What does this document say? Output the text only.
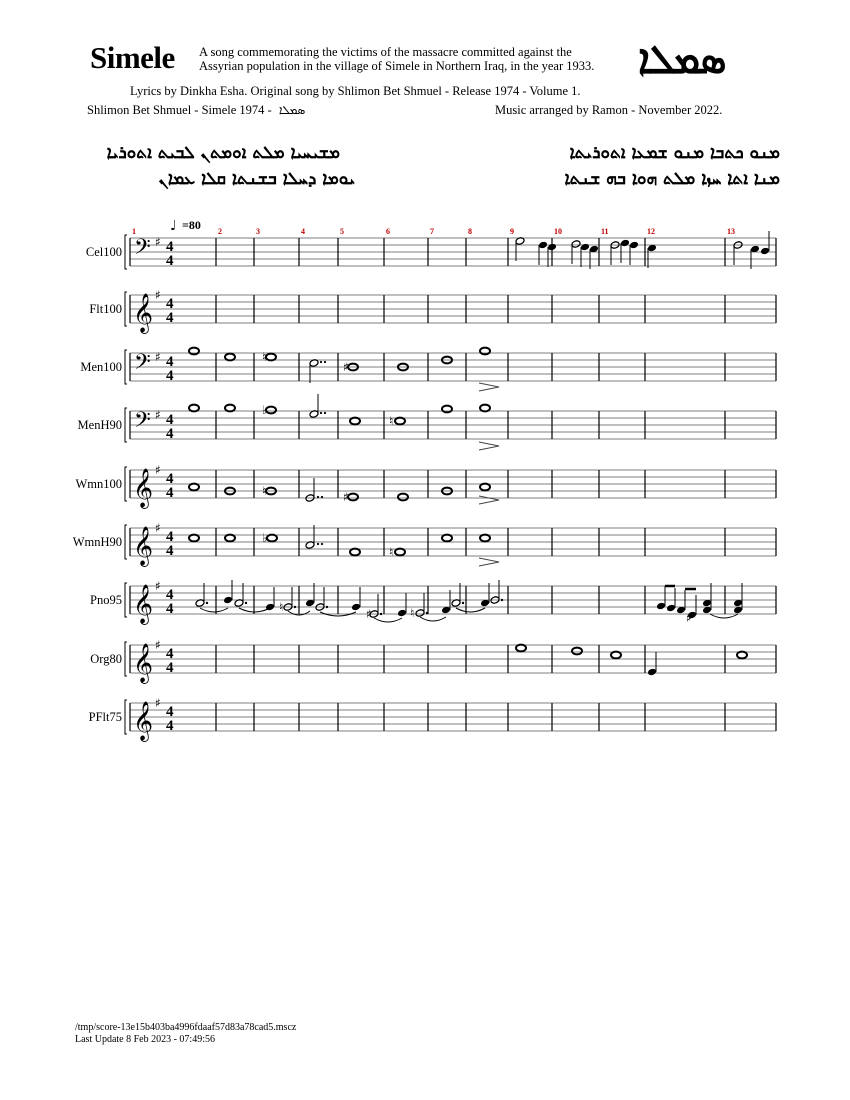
Simele A song commemorating the victims of the massacre committed against the
Assyrian population in the village of Simele in Northern Iraq, in the year 1933.	ܣܡܠܐ
Lyrics by Dinkha Esha. Original song by Shlimon Bet Shmuel - Release 1974 - Volume 1.
Shlimon Bet Shmuel - Simele 1974 - ܣܡܠܐ	Music arranged by Ramon - November 2022.
ܡܫܝܚܝܐ ܡܠܬ ܐܘܡܬܢ ܠܒܝܬ ܐܬܘܪܝܐ
ܝܘܡܐ ܕܚܠܐ ܒܫܢܬܐ ܩܠܐ ܥܡܐܢ
ܡܢܘ ܟܬܒܐ ܡܢܘ ܫܡܥܐ ܐܬܘܪܝܬܐ
ܡܢܐ ܐܬܐ ܚܙܐ ܡܠܬ ܗܘܐ ܒܗ ܫܢܬܐ
♩ =80
1	2	3	4	5	6	7	8	9	10	11	12	13
Cel100 𝄢 ♯ 4
4
Flt100 𝄞 ♯
4
4
Men100 𝄢 ♯ 4
4
MenH90 𝄢 ♯ 4
4
Wmn100 𝄞 ♯
4
4
WmnH90 𝄞 ♯
4
4
Pno95 𝄞 ♯
4
4
Org80 𝄞 ♯
4
4
PFlt75 𝄞 ♯
4
4
♮
♯
♭
♮
♮	♯
♭
♮
♮	♯	♮	♯
/tmp/score-13e15b403ba4996fdaaf57d83a78cad5.mscz
Last Update 8 Feb 2023 - 07:49:56
